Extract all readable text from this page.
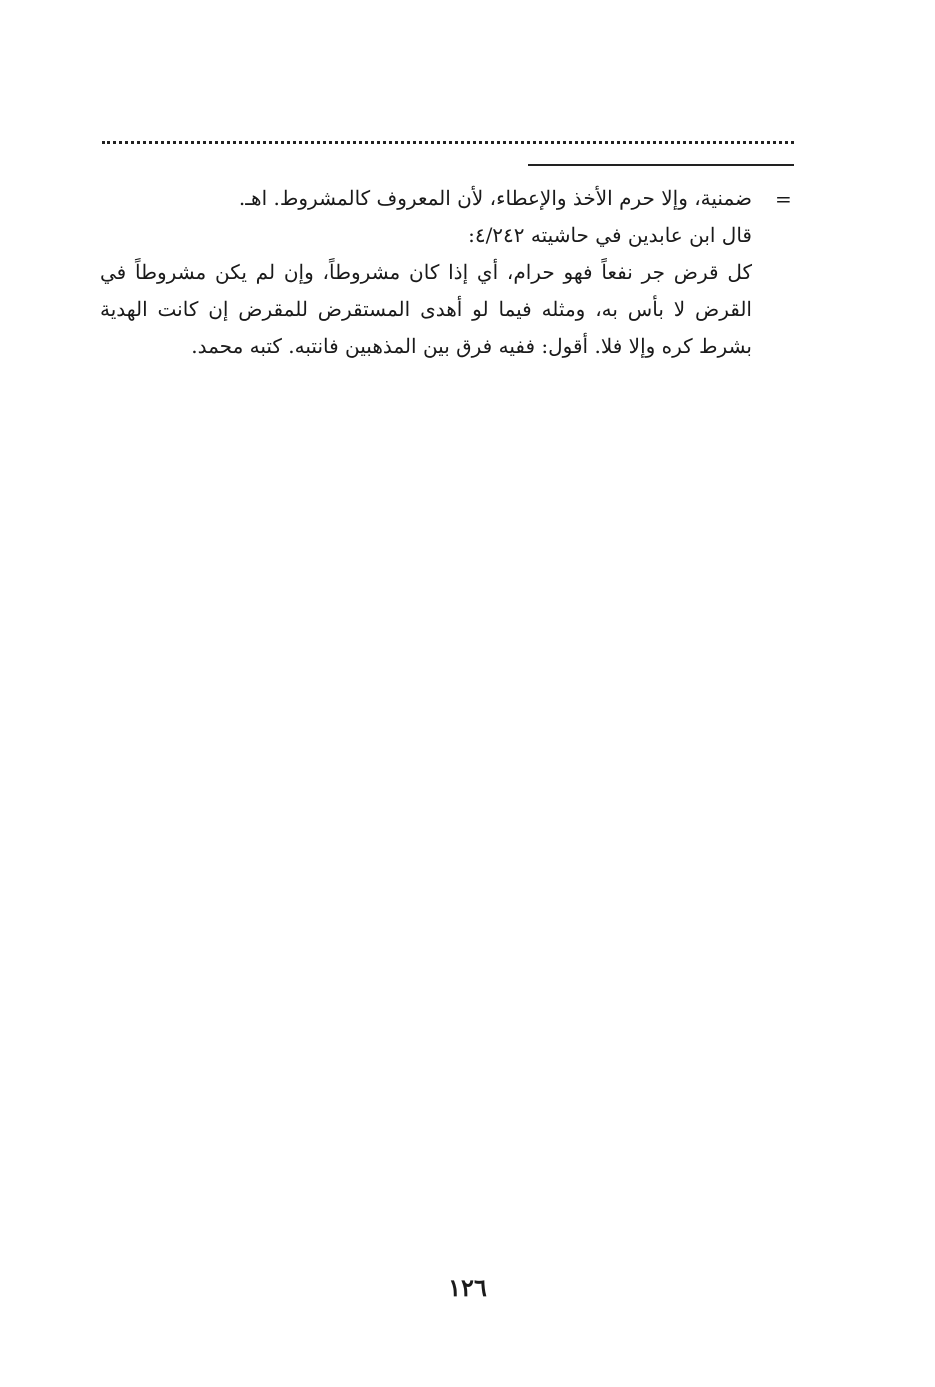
=

ضمنية، وإلا حرم الأخذ والإعطاء، لأن المعروف كالمشروط. اهـ.

قال ابن عابدين في حاشيته ٤/٢٤٢:

كل قرض جر نفعاً فهو حرام، أي إذا كان مشروطاً، وإن لم يكن مشروطاً في القرض لا بأس به، ومثله فيما لو أهدى المستقرض للمقرض إن كانت الهدية بشرط كره وإلا فلا. أقول: ففيه فرق بين المذهبين فانتبه. كتبه محمد.

١٢٦
